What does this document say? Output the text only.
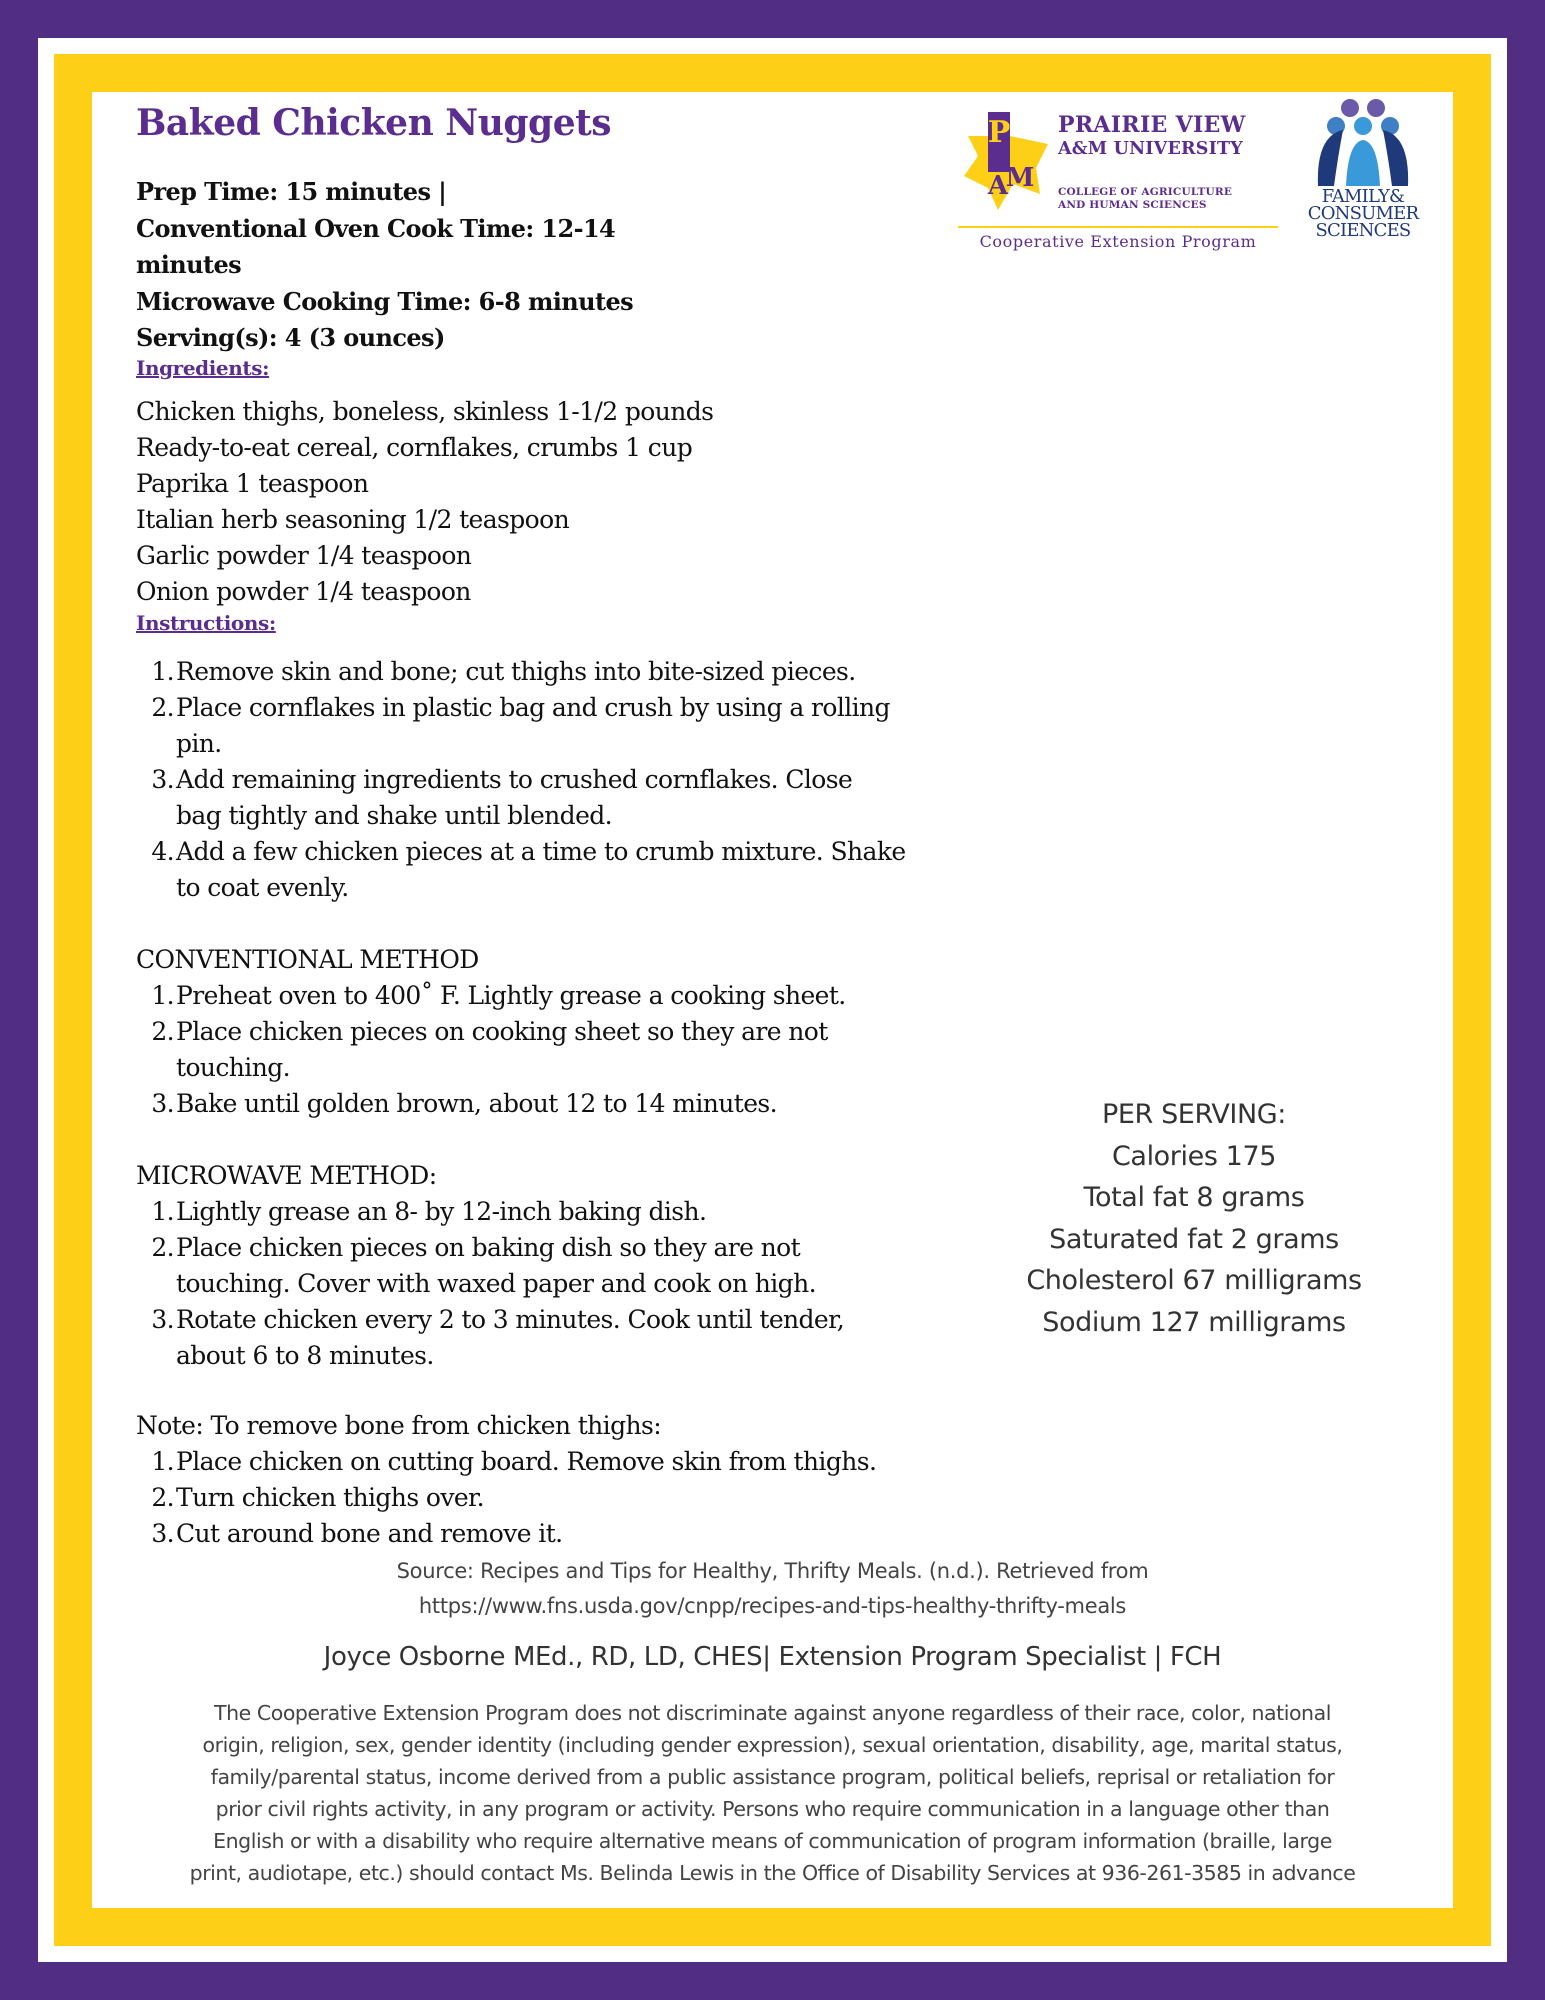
Baked Chicken Nuggets	P
A
M
PRAIRIE VIEW
A&M UNIVERSITY
COLLEGE OF AGRICULTURE
AND HUMAN SCIENCES
Cooperative Extension Program
FAMILY&
CONSUMER
SCIENCES
Prep Time: 15 minutes |
Conventional Oven Cook Time: 12-14
minutes
Microwave Cooking Time: 6-8 minutes
Serving(s): 4 (3 ounces)
Ingredients:
Chicken thighs, boneless, skinless 1-1/2 pounds
Ready-to-eat cereal, cornflakes, crumbs 1 cup
Paprika 1 teaspoon
Italian herb seasoning 1/2 teaspoon
Garlic powder 1/4 teaspoon
Onion powder 1/4 teaspoon
Instructions:
1. Remove skin and bone; cut thighs into bite-sized pieces.
2. Place cornflakes in plastic bag and crush by using a rolling
pin.
3. Add remaining ingredients to crushed cornflakes. Close
bag tightly and shake until blended.
4. Add a few chicken pieces at a time to crumb mixture. Shake
to coat evenly.
CONVENTIONAL METHOD
1. Preheat oven to 400˚ F. Lightly grease a cooking sheet.
2. Place chicken pieces on cooking sheet so they are not
touching.
3. Bake until golden brown, about 12 to 14 minutes.
MICROWAVE METHOD:
1. Lightly grease an 8- by 12-inch baking dish.
2. Place chicken pieces on baking dish so they are not
touching. Cover with waxed paper and cook on high.
3. Rotate chicken every 2 to 3 minutes. Cook until tender,
about 6 to 8 minutes.
Note: To remove bone from chicken thighs:
1. Place chicken on cutting board. Remove skin from thighs.
2. Turn chicken thighs over.
3. Cut around bone and remove it.
PER SERVING:
Calories 175
Total fat 8 grams
Saturated fat 2 grams
Cholesterol 67 milligrams
Sodium 127 milligrams
Source: Recipes and Tips for Healthy, Thrifty Meals. (n.d.). Retrieved from
https://www.fns.usda.gov/cnpp/recipes-and-tips-healthy-thrifty-meals
Joyce Osborne MEd., RD, LD, CHES| Extension Program Specialist | FCH
The Cooperative Extension Program does not discriminate against anyone regardless of their race, color, national
origin, religion, sex, gender identity (including gender expression), sexual orientation, disability, age, marital status,
family/parental status, income derived from a public assistance program, political beliefs, reprisal or retaliation for
prior civil rights activity, in any program or activity. Persons who require communication in a language other than
English or with a disability who require alternative means of communication of program information (braille, large
print, audiotape, etc.) should contact Ms. Belinda Lewis in the Office of Disability Services at 936-261-3585 in advance
